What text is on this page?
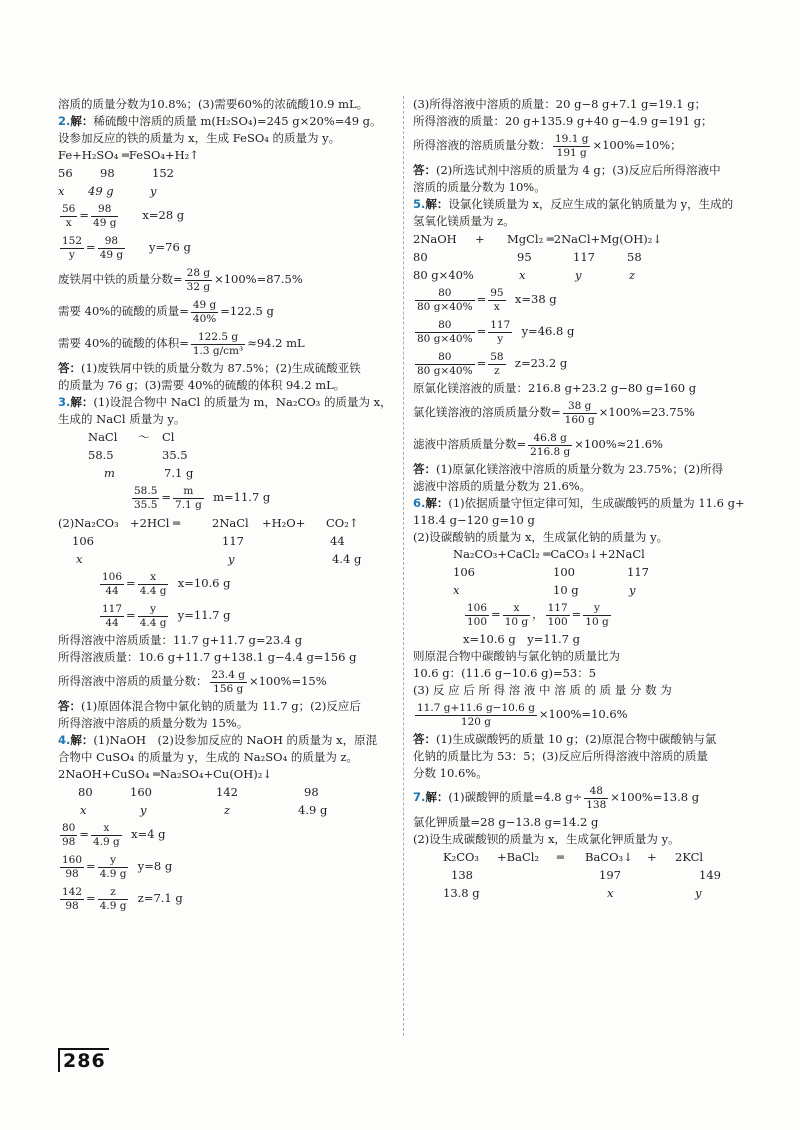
溶质的质量分数为10.8%；(3)需要60%的浓硫酸10.9 mL。
2.解：稀硫酸中溶质的质量 m(H₂SO₄)=245 g×20%=49 g。
设参加反应的铁的质量为 x，生成 FeSO₄ 的质量为 y。
Fe+H₂SO₄ ═FeSO₄+H₂↑
56	98	152
x	49 g	y
$\frac{56}{x} = \frac{98}{49 g} x=28$ g
$\frac{152}{y} = \frac{98}{49 g} y=76$ g
废铁屑中铁的质量分数= $\frac{28 g}{32 g} \times 100\%=87.5\%$
需要 40%的硫酸的质量= $\frac{49 g}{40\%} =122.5$ g
需要 40%的硫酸的体积= $\frac{122.5 g}{\text{1.3 g/cm³}} \approx 94.2$ mL
答：(1)废铁屑中铁的质量分数为 87.5%；(2)生成硫酸亚铁
的质量为 76 g；(3)需要 40%的硫酸的体积 94.2 mL。
3.解：(1)设混合物中 NaCl 的质量为 m，Na₂CO₃ 的质量为 x，
生成的 NaCl 质量为 y。
NaCl	～	Cl
58.5	35.5
m	7.1 g
$\frac{58.5}{35.5} = \frac{m}{7.1 g} m=11.7$ g
(2)Na₂CO₃ +2HCl ═	2NaCl	+H₂O+	CO₂↑
106	117	44
x	y	4.4 g
$\frac{106}{44} = \frac{x}{4.4 g} x=10.6$ g
$\frac{117}{44} = \frac{y}{4.4 g} y=11.7$ g
所得溶液中溶质质量：11.7 g+11.7 g=23.4 g
所得溶液质量：10.6 g+11.7 g+138.1 g−4.4 g=156 g
所得溶液中溶质的质量分数： $\frac{23.4 g}{156 g} \times 100\%=15\%$
答：(1)原固体混合物中氯化钠的质量为 11.7 g；(2)反应后
所得溶液中溶质的质量分数为 15%。
4.解：(1)NaOH　(2)设参加反应的 NaOH 的质量为 x，原混
合物中 CuSO₄ 的质量为 y，生成的 Na₂SO₄ 的质量为 z。
2NaOH+CuSO₄ ═Na₂SO₄+Cu(OH)₂↓
80	160	142	98
x	y	z	4.9 g
$\frac{80}{98} = \frac{x}{4.9 g} x=4$ g
$\frac{160}{98} = \frac{y}{4.9 g} y=8$ g
$\frac{142}{98} = \frac{z}{4.9 g} z=7.1$ g
(3)所得溶液中溶质的质量：20 g−8 g+7.1 g=19.1 g；
所得溶液的质量：20 g+135.9 g+40 g−4.9 g=191 g；
所得溶液的溶质质量分数： $\frac{19.1 g}{191 g} \times 100\%=10\%$；
答：(2)所选试剂中溶质的质量为 4 g；(3)反应后所得溶液中
溶质的质量分数为 10%。
5.解：设氯化镁质量为 x，反应生成的氯化钠质量为 y，生成的
氢氧化镁质量为 z。
2NaOH	+	MgCl₂ ═2NaCl+Mg(OH)₂↓
80	95	117	58
80 g×40%	x	y	z
$\frac{80}{80 g\times 40\%} = \frac{95}{x} x=38$ g
$\frac{80}{80 g\times 40\%} = \frac{117}{y} y=46.8$ g
$\frac{80}{80 g\times 40\%} = \frac{58}{z} z=23.2$ g
原氯化镁溶液的质量：216.8 g+23.2 g−80 g=160 g
氯化镁溶液的溶质质量分数= $\frac{38 g}{160 g} \times 100\%=23.75\%$
滤液中溶质质量分数= $\frac{46.8 g}{216.8 g} \times 100\%\approx 21.6\%$
答：(1)原氯化镁溶液中溶质的质量分数为 23.75%；(2)所得
滤液中溶质的质量分数为 21.6%。
6.解：(1)依据质量守恒定律可知，生成碳酸钙的质量为 11.6 g+
118.4 g−120 g=10 g
(2)设碳酸钠的质量为 x，生成氯化钠的质量为 y。
Na₂CO₃+CaCl₂ ═CaCO₃↓+2NaCl
106	100	117
x	10 g	y
$\frac{106}{100} = \frac{x}{10 g}$ ， $\frac{117}{100} = \frac{y}{10 g}$
x=10.6 g　y=11.7 g
则原混合物中碳酸钠与氯化钠的质量比为
10.6 g：(11.6 g−10.6 g)=53：5
(3) 反 应 后 所 得 溶 液 中 溶 质 的 质 量 分 数 为
$\frac{11.7 g+11.6 g-10.6 g}{120 g} \times 100\%=10.6\%$
答：(1)生成碳酸钙的质量 10 g；(2)原混合物中碳酸钠与氯
化钠的质量比为 53：5；(3)反应后所得溶液中溶质的质量
分数 10.6%。
7.解：(1)碳酸钾的质量=4.8 $g\div \frac{48}{138} \times 100\%=13.8$ g
氯化钾质量=28 g−13.8 g=14.2 g
(2)设生成碳酸钡的质量为 x，生成氯化钾质量为 y。
K₂CO₃	+BaCl₂	═	BaCO₃↓	+	2KCl
138	197	149
13.8 g	x	y
286
